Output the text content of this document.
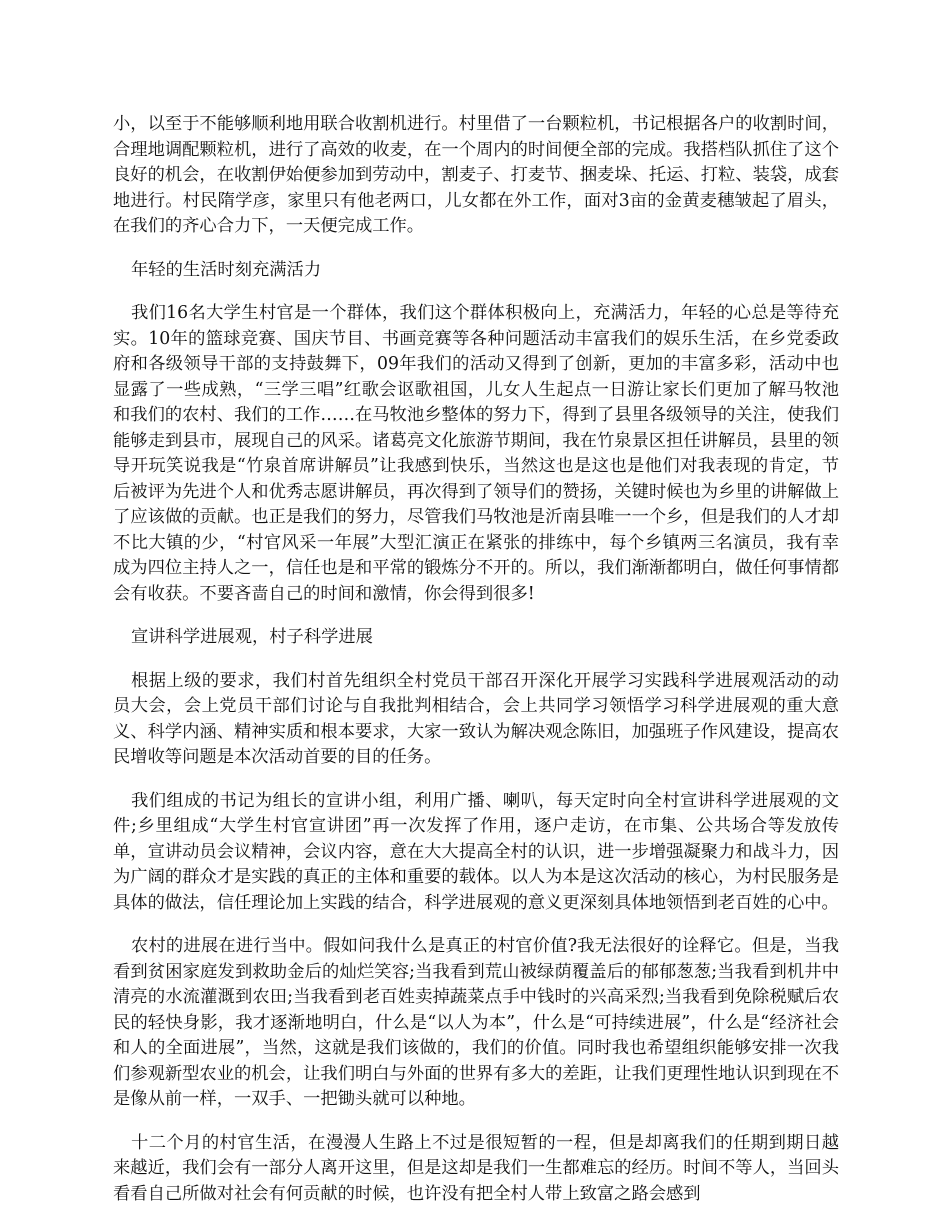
小，以至于不能够顺利地用联合收割机进行。村里借了一台颗粒机，书记根据各户的收割时间，合理地调配颗粒机，进行了高效的收麦，在一个周内的时间便全部的完成。我搭档队抓住了这个良好的机会，在收割伊始便参加到劳动中，割麦子、打麦节、捆麦垛、托运、打粒、装袋，成套地进行。村民隋学彦，家里只有他老两口，儿女都在外工作，面对3亩的金黄麦穗皱起了眉头，在我们的齐心合力下，一天便完成工作。

年轻的生活时刻充满活力

我们16名大学生村官是一个群体，我们这个群体积极向上，充满活力，年轻的心总是等待充实。10年的篮球竞赛、国庆节目、书画竞赛等各种问题活动丰富我们的娱乐生活，在乡党委政府和各级领导干部的支持鼓舞下，09年我们的活动又得到了创新，更加的丰富多彩，活动中也显露了一些成熟，“三学三唱”红歌会讴歌祖国，儿女人生起点一日游让家长们更加了解马牧池和我们的农村、我们的工作……在马牧池乡整体的努力下，得到了县里各级领导的关注，使我们能够走到县市，展现自己的风采。诸葛亮文化旅游节期间，我在竹泉景区担任讲解员，县里的领导开玩笑说我是“竹泉首席讲解员”让我感到快乐，当然这也是这也是他们对我表现的肯定，节后被评为先进个人和优秀志愿讲解员，再次得到了领导们的赞扬，关键时候也为乡里的讲解做上了应该做的贡献。也正是我们的努力，尽管我们马牧池是沂南县唯一一个乡，但是我们的人才却不比大镇的少，“村官风采一年展”大型汇演正在紧张的排练中，每个乡镇两三名演员，我有幸成为四位主持人之一，信任也是和平常的锻炼分不开的。所以，我们渐渐都明白，做任何事情都会有收获。不要吝啬自己的时间和激情，你会得到很多!

宣讲科学进展观，村子科学进展

根据上级的要求，我们村首先组织全村党员干部召开深化开展学习实践科学进展观活动的动员大会，会上党员干部们讨论与自我批判相结合，会上共同学习领悟学习科学进展观的重大意义、科学内涵、精神实质和根本要求，大家一致认为解决观念陈旧，加强班子作风建设，提高农民增收等问题是本次活动首要的目的任务。

我们组成的书记为组长的宣讲小组，利用广播、喇叭，每天定时向全村宣讲科学进展观的文件;乡里组成“大学生村官宣讲团”再一次发挥了作用，逐户走访，在市集、公共场合等发放传单，宣讲动员会议精神，会议内容，意在大大提高全村的认识，进一步增强凝聚力和战斗力，因为广阔的群众才是实践的真正的主体和重要的载体。以人为本是这次活动的核心，为村民服务是具体的做法，信任理论加上实践的结合，科学进展观的意义更深刻具体地领悟到老百姓的心中。

农村的进展在进行当中。假如问我什么是真正的村官价值?我无法很好的诠释它。但是，当我看到贫困家庭发到救助金后的灿烂笑容;当我看到荒山被绿荫覆盖后的郁郁葱葱;当我看到机井中清亮的水流灌溉到农田;当我看到老百姓卖掉蔬菜点手中钱时的兴高采烈;当我看到免除税赋后农民的轻快身影，我才逐渐地明白，什么是“以人为本”，什么是“可持续进展”，什么是“经济社会和人的全面进展”，当然，这就是我们该做的，我们的价值。同时我也希望组织能够安排一次我们参观新型农业的机会，让我们明白与外面的世界有多大的差距，让我们更理性地认识到现在不是像从前一样，一双手、一把锄头就可以种地。

十二个月的村官生活，在漫漫人生路上不过是很短暂的一程，但是却离我们的任期到期日越来越近，我们会有一部分人离开这里，但是这却是我们一生都难忘的经历。时间不等人，当回头看看自己所做对社会有何贡献的时候，也许没有把全村人带上致富之路会感到
